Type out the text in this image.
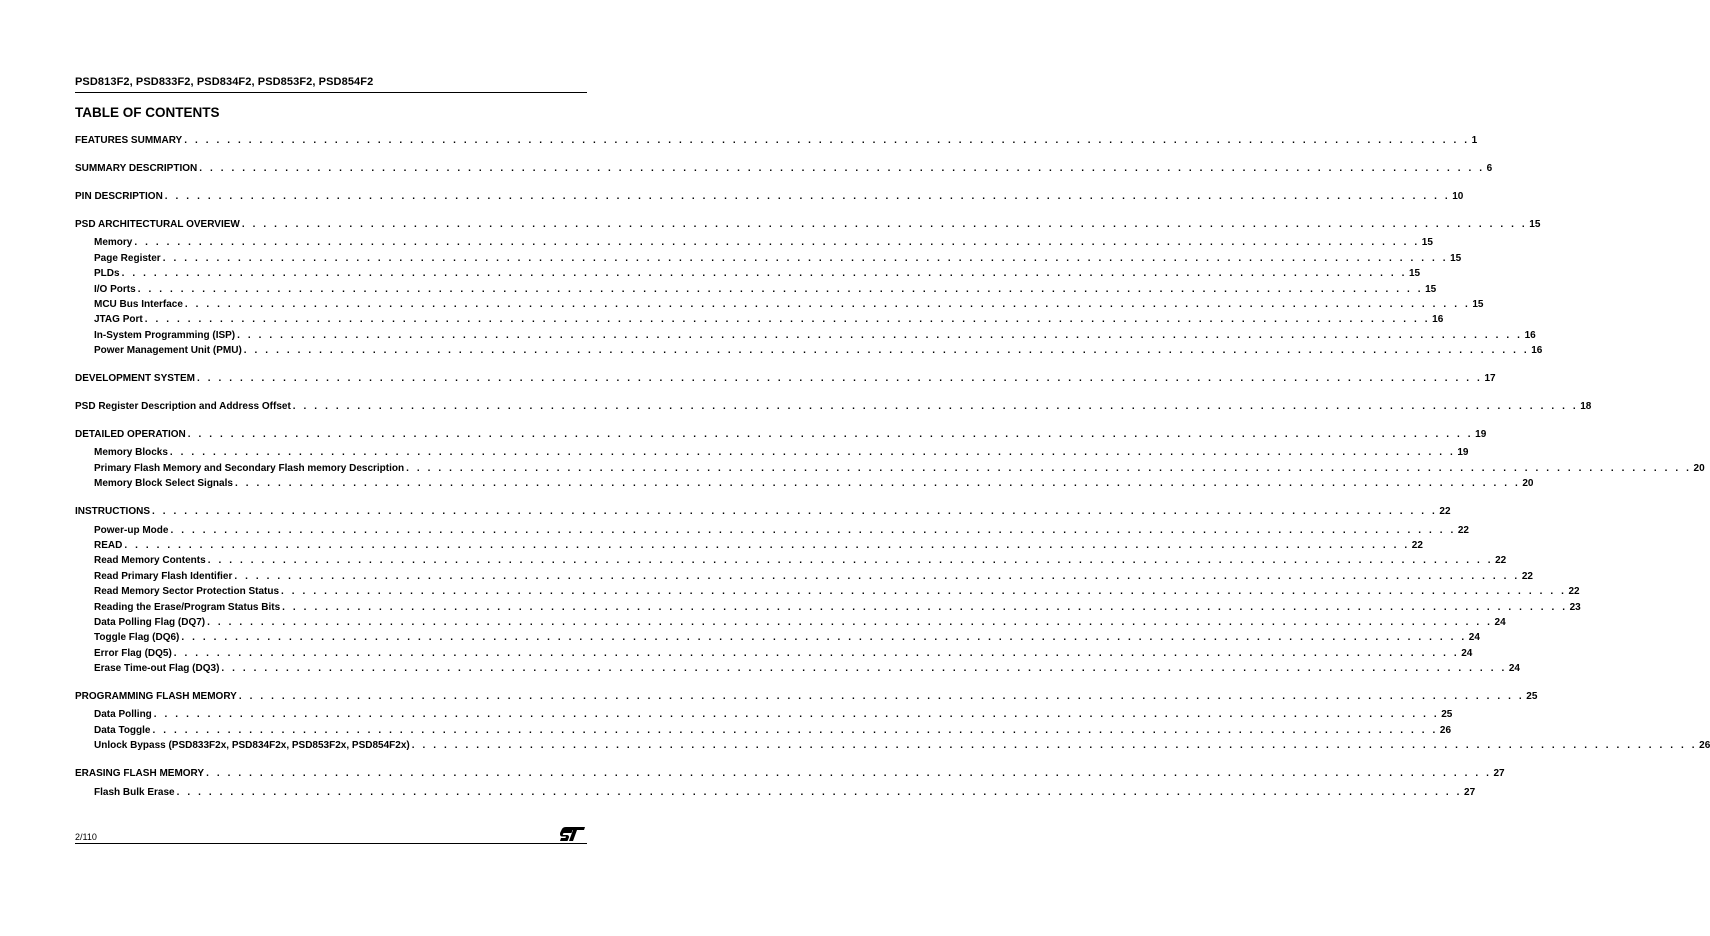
PSD813F2, PSD833F2, PSD834F2, PSD853F2, PSD854F2
TABLE OF CONTENTS
FEATURES SUMMARY . . . . . . . . . . . . . . . . . . . . . . . . . . . . . . . . . . . . . . . . . . . . . . . . . . . . . . . . . . . . . . . . . . . . . . . . . . . . . . . . . . . . . . . . . . . . . . . . . . . . . . . . . . . . . . . . . . . . . . . . 1
SUMMARY DESCRIPTION . . . . . . . . . . . . . . . . . . . . . . . . . . . . . . . . . . . . . . . . . . . . . . . . . . . . . . . . . . . . . . . . . . . . . . . . . . . . . . . . . . . . . . . . . . . . . . . . . . . . . . . . . . . . . . . . . . . . . . . . 6
PIN DESCRIPTION . . . . . . . . . . . . . . . . . . . . . . . . . . . . . . . . . . . . . . . . . . . . . . . . . . . . . . . . . . . . . . . . . . . . . . . . . . . . . . . . . . . . . . . . . . . . . . . . . . . . . . . . . . . . . . . . . . . . . . . . 10
PSD ARCHITECTURAL OVERVIEW . . . . . . . . . . . . . . . . . . . . . . . . . . . . . . . . . . . . . . . . . . . . . . . . . . . . . . . . . . . . . . . . . . . . . . . . . . . . . . . . . . . . . . . . . . . . . . . . . . . . . . . . . . . . . . . . . . . . . . . . 15
Memory . . . . . . . . . . . . . . . . . . . . . . . . . . . . . . . . . . . . . . . . . . . . . . . . . . . . . . . . . . . . . . . . . . . . . . . . . . . . . . . . . . . . . . . . . . . . . . . . . . . . . . . . . . . . . . . . . . . . . . . . 15
Page Register . . . . . . . . . . . . . . . . . . . . . . . . . . . . . . . . . . . . . . . . . . . . . . . . . . . . . . . . . . . . . . . . . . . . . . . . . . . . . . . . . . . . . . . . . . . . . . . . . . . . . . . . . . . . . . . . . . . . . . . . 15
PLDs . . . . . . . . . . . . . . . . . . . . . . . . . . . . . . . . . . . . . . . . . . . . . . . . . . . . . . . . . . . . . . . . . . . . . . . . . . . . . . . . . . . . . . . . . . . . . . . . . . . . . . . . . . . . . . . . . . . . . . . . 15
I/O Ports . . . . . . . . . . . . . . . . . . . . . . . . . . . . . . . . . . . . . . . . . . . . . . . . . . . . . . . . . . . . . . . . . . . . . . . . . . . . . . . . . . . . . . . . . . . . . . . . . . . . . . . . . . . . . . . . . . . . . . . . 15
MCU Bus Interface . . . . . . . . . . . . . . . . . . . . . . . . . . . . . . . . . . . . . . . . . . . . . . . . . . . . . . . . . . . . . . . . . . . . . . . . . . . . . . . . . . . . . . . . . . . . . . . . . . . . . . . . . . . . . . . . . . . . . . . . 15
JTAG Port . . . . . . . . . . . . . . . . . . . . . . . . . . . . . . . . . . . . . . . . . . . . . . . . . . . . . . . . . . . . . . . . . . . . . . . . . . . . . . . . . . . . . . . . . . . . . . . . . . . . . . . . . . . . . . . . . . . . . . . . 16
In-System Programming (ISP) . . . . . . . . . . . . . . . . . . . . . . . . . . . . . . . . . . . . . . . . . . . . . . . . . . . . . . . . . . . . . . . . . . . . . . . . . . . . . . . . . . . . . . . . . . . . . . . . . . . . . . . . . . . . . . . . . . . . . . . . 16
Power Management Unit (PMU) . . . . . . . . . . . . . . . . . . . . . . . . . . . . . . . . . . . . . . . . . . . . . . . . . . . . . . . . . . . . . . . . . . . . . . . . . . . . . . . . . . . . . . . . . . . . . . . . . . . . . . . . . . . . . . . . . . . . . . . . 16
DEVELOPMENT SYSTEM . . . . . . . . . . . . . . . . . . . . . . . . . . . . . . . . . . . . . . . . . . . . . . . . . . . . . . . . . . . . . . . . . . . . . . . . . . . . . . . . . . . . . . . . . . . . . . . . . . . . . . . . . . . . . . . . . . . . . . . . 17
PSD Register Description and Address Offset . . . . . . . . . . . . . . . . . . . . . . . . . . . . . . . . . . . . . . . . . . . . . . . . . . . . . . . . . . . . . . . . . . . . . . . . . . . . . . . . . . . . . . . . . . . . . . . . . . . . . . . . . . . . . . . . . . . . . . . . 18
DETAILED OPERATION . . . . . . . . . . . . . . . . . . . . . . . . . . . . . . . . . . . . . . . . . . . . . . . . . . . . . . . . . . . . . . . . . . . . . . . . . . . . . . . . . . . . . . . . . . . . . . . . . . . . . . . . . . . . . . . . . . . . . . . . 19
Memory Blocks . . . . . . . . . . . . . . . . . . . . . . . . . . . . . . . . . . . . . . . . . . . . . . . . . . . . . . . . . . . . . . . . . . . . . . . . . . . . . . . . . . . . . . . . . . . . . . . . . . . . . . . . . . . . . . . . . . . . . . . . 19
Primary Flash Memory and Secondary Flash memory Description . . . . . . . . . . . . . . . . . . . . . . . . . . . . . . . . . . . . . . . . . . . . . . . . . . . . . . . . . . . . . . . . . . . . . . . . . . . . . . . . . . . . . . . . . . . . . . . . . . . . . . . . . . . . . . . . . . . . . . . . 20
Memory Block Select Signals . . . . . . . . . . . . . . . . . . . . . . . . . . . . . . . . . . . . . . . . . . . . . . . . . . . . . . . . . . . . . . . . . . . . . . . . . . . . . . . . . . . . . . . . . . . . . . . . . . . . . . . . . . . . . . . . . . . . . . . . 20
INSTRUCTIONS . . . . . . . . . . . . . . . . . . . . . . . . . . . . . . . . . . . . . . . . . . . . . . . . . . . . . . . . . . . . . . . . . . . . . . . . . . . . . . . . . . . . . . . . . . . . . . . . . . . . . . . . . . . . . . . . . . . . . . . . 22
Power-up Mode . . . . . . . . . . . . . . . . . . . . . . . . . . . . . . . . . . . . . . . . . . . . . . . . . . . . . . . . . . . . . . . . . . . . . . . . . . . . . . . . . . . . . . . . . . . . . . . . . . . . . . . . . . . . . . . . . . . . . . . . 22
READ . . . . . . . . . . . . . . . . . . . . . . . . . . . . . . . . . . . . . . . . . . . . . . . . . . . . . . . . . . . . . . . . . . . . . . . . . . . . . . . . . . . . . . . . . . . . . . . . . . . . . . . . . . . . . . . . . . . . . . . . 22
Read Memory Contents . . . . . . . . . . . . . . . . . . . . . . . . . . . . . . . . . . . . . . . . . . . . . . . . . . . . . . . . . . . . . . . . . . . . . . . . . . . . . . . . . . . . . . . . . . . . . . . . . . . . . . . . . . . . . . . . . . . . . . . . 22
Read Primary Flash Identifier . . . . . . . . . . . . . . . . . . . . . . . . . . . . . . . . . . . . . . . . . . . . . . . . . . . . . . . . . . . . . . . . . . . . . . . . . . . . . . . . . . . . . . . . . . . . . . . . . . . . . . . . . . . . . . . . . . . . . . . . 22
Read Memory Sector Protection Status . . . . . . . . . . . . . . . . . . . . . . . . . . . . . . . . . . . . . . . . . . . . . . . . . . . . . . . . . . . . . . . . . . . . . . . . . . . . . . . . . . . . . . . . . . . . . . . . . . . . . . . . . . . . . . . . . . . . . . . . 22
Reading the Erase/Program Status Bits . . . . . . . . . . . . . . . . . . . . . . . . . . . . . . . . . . . . . . . . . . . . . . . . . . . . . . . . . . . . . . . . . . . . . . . . . . . . . . . . . . . . . . . . . . . . . . . . . . . . . . . . . . . . . . . . . . . . . . . . 23
Data Polling Flag (DQ7) . . . . . . . . . . . . . . . . . . . . . . . . . . . . . . . . . . . . . . . . . . . . . . . . . . . . . . . . . . . . . . . . . . . . . . . . . . . . . . . . . . . . . . . . . . . . . . . . . . . . . . . . . . . . . . . . . . . . . . . . 24
Toggle Flag (DQ6) . . . . . . . . . . . . . . . . . . . . . . . . . . . . . . . . . . . . . . . . . . . . . . . . . . . . . . . . . . . . . . . . . . . . . . . . . . . . . . . . . . . . . . . . . . . . . . . . . . . . . . . . . . . . . . . . . . . . . . . . 24
Error Flag (DQ5) . . . . . . . . . . . . . . . . . . . . . . . . . . . . . . . . . . . . . . . . . . . . . . . . . . . . . . . . . . . . . . . . . . . . . . . . . . . . . . . . . . . . . . . . . . . . . . . . . . . . . . . . . . . . . . . . . . . . . . . . 24
Erase Time-out Flag (DQ3) . . . . . . . . . . . . . . . . . . . . . . . . . . . . . . . . . . . . . . . . . . . . . . . . . . . . . . . . . . . . . . . . . . . . . . . . . . . . . . . . . . . . . . . . . . . . . . . . . . . . . . . . . . . . . . . . . . . . . . . . 24
PROGRAMMING FLASH MEMORY . . . . . . . . . . . . . . . . . . . . . . . . . . . . . . . . . . . . . . . . . . . . . . . . . . . . . . . . . . . . . . . . . . . . . . . . . . . . . . . . . . . . . . . . . . . . . . . . . . . . . . . . . . . . . . . . . . . . . . . . 25
Data Polling . . . . . . . . . . . . . . . . . . . . . . . . . . . . . . . . . . . . . . . . . . . . . . . . . . . . . . . . . . . . . . . . . . . . . . . . . . . . . . . . . . . . . . . . . . . . . . . . . . . . . . . . . . . . . . . . . . . . . . . . 25
Data Toggle . . . . . . . . . . . . . . . . . . . . . . . . . . . . . . . . . . . . . . . . . . . . . . . . . . . . . . . . . . . . . . . . . . . . . . . . . . . . . . . . . . . . . . . . . . . . . . . . . . . . . . . . . . . . . . . . . . . . . . . . 26
Unlock Bypass (PSD833F2x, PSD834F2x, PSD853F2x, PSD854F2x) . . . . . . . . . . . . . . . . . . . . . . . . . . . . . . . . . . . . . . . . . . . . . . . . . . . . . . . . . . . . . . . . . . . . . . . . . . . . . . . . . . . . . . . . . . . . . . . . . . . . . . . . . . . . . . . . . . . . . . . . 26
ERASING FLASH MEMORY . . . . . . . . . . . . . . . . . . . . . . . . . . . . . . . . . . . . . . . . . . . . . . . . . . . . . . . . . . . . . . . . . . . . . . . . . . . . . . . . . . . . . . . . . . . . . . . . . . . . . . . . . . . . . . . . . . . . . . . . 27
Flash Bulk Erase . . . . . . . . . . . . . . . . . . . . . . . . . . . . . . . . . . . . . . . . . . . . . . . . . . . . . . . . . . . . . . . . . . . . . . . . . . . . . . . . . . . . . . . . . . . . . . . . . . . . . . . . . . . . . . . . . . . . . . . . 27
2/110
